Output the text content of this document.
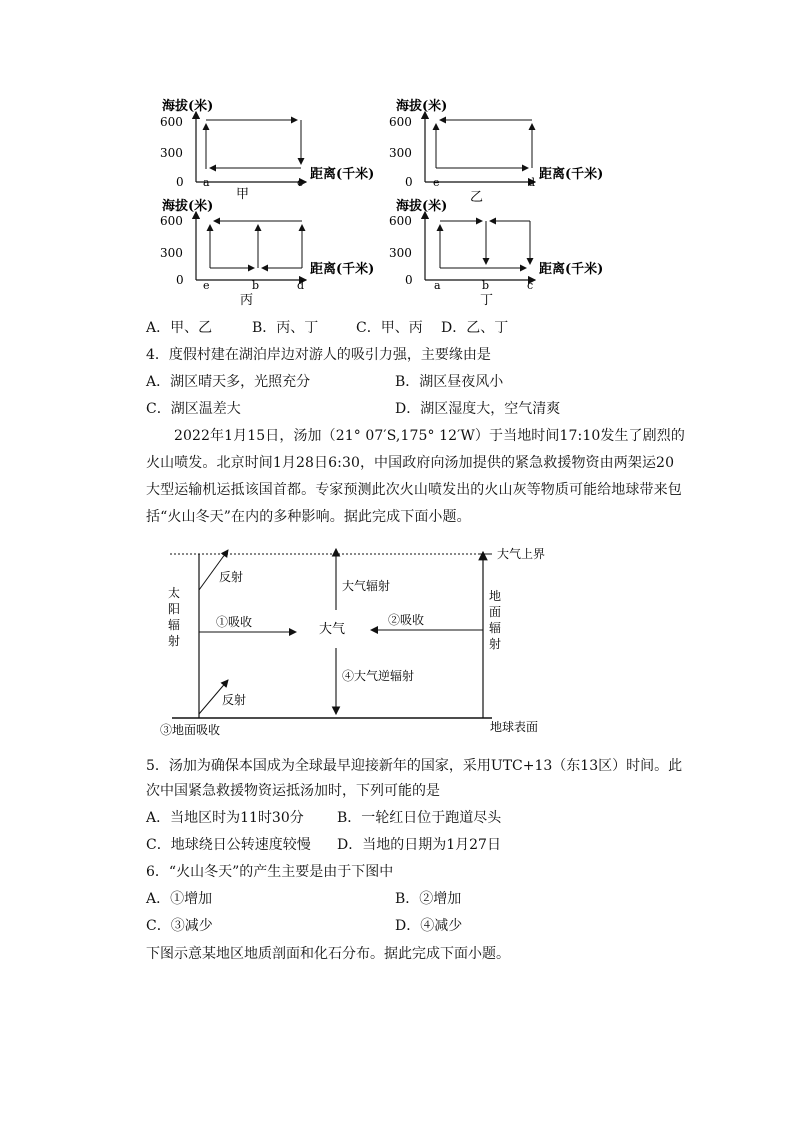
海拔(米)
距离(千米)
600
300
0 a	c
甲
海拔(米)
距离(千米)
600
300
0 e	d
乙
海拔(米)
距离(千米)
600
300
0 e	b	d
丙
海拔(米)
距离(千米)
600
300
0 a	b	c
丁
A．甲、乙	B．丙、丁	C．甲、丙 D．乙、丁
4．度假村建在湖泊岸边对游人的吸引力强，主要缘由是
A．湖区晴天多，光照充分	B．湖区昼夜风小
C．湖区温差大	D．湖区湿度大，空气清爽
2022年1月15日，汤加（21° 07′S,175° 12′W）于当地时间17:10发生了剧烈的火山喷发。北京时间1月28日6:30，中国政府向汤加提供的紧急救援物资由两架运20大型运输机运抵该国首都。专家预测此次火山喷发出的火山灰等物质可能给地球带来包括“火山冬天”在内的多种影响。据此完成下面小题。
大气上界
地球表面
太
阳
辐
射
地
面
辐
射
反射
反射
①吸收	②吸收
大气
大气辐射
④大气逆辐射
③地面吸收
5．汤加为确保本国成为全球最早迎接新年的国家，采用UTC+13（东13区）时间。此
次中国紧急救援物资运抵汤加时，下列可能的是
A．当地区时为11时30分 B．一轮红日位于跑道尽头
C．地球绕日公转速度较慢 D．当地的日期为1月27日
6．“火山冬天”的产生主要是由于下图中
A．①增加	B．②增加
C．③减少	D．④减少
下图示意某地区地质剖面和化石分布。据此完成下面小题。
